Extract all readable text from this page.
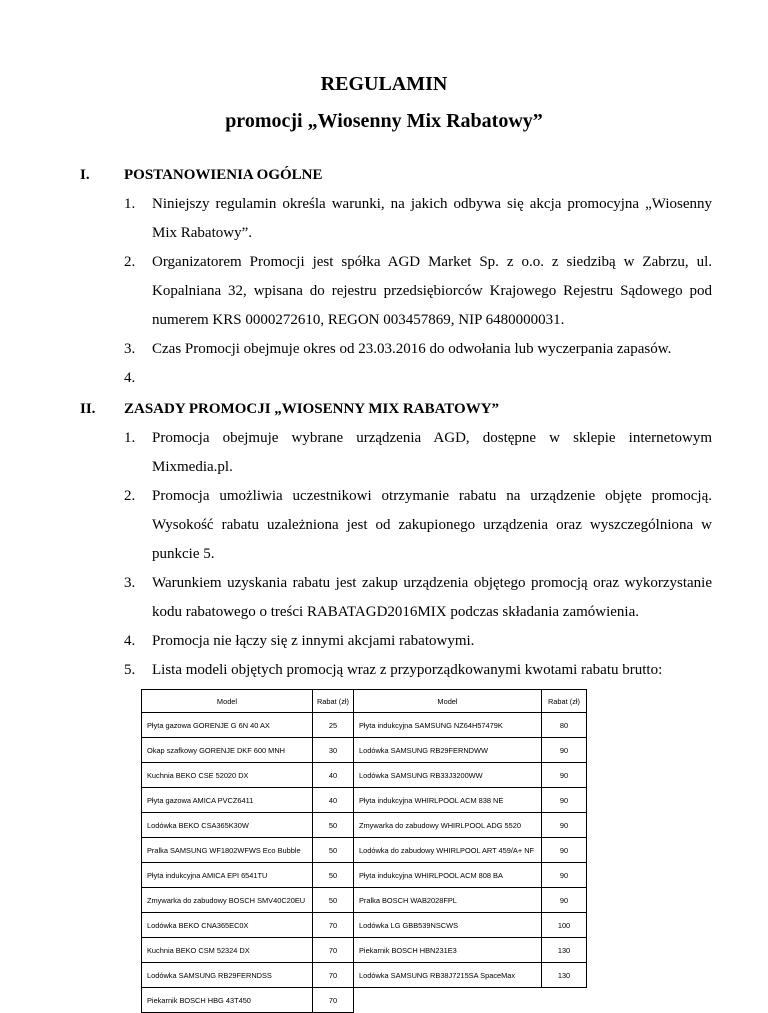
REGULAMIN
promocji „Wiosenny Mix Rabatowy”
I. POSTANOWIENIA OGÓLNE
1. Niniejszy regulamin określa warunki, na jakich odbywa się akcja promocyjna „Wiosenny Mix Rabatowy”.
2. Organizatorem Promocji jest spółka AGD Market Sp. z o.o. z siedzibą w Zabrzu, ul. Kopalniana 32, wpisana do rejestru przedsiębiorców Krajowego Rejestru Sądowego pod numerem KRS 0000272610, REGON 003457869, NIP 6480000031.
3. Czas Promocji obejmuje okres od 23.03.2016 do odwołania lub wyczerpania zapasów.
4.
II. ZASADY PROMOCJI „WIOSENNY MIX RABATOWY”
1. Promocja obejmuje wybrane urządzenia AGD, dostępne w sklepie internetowym Mixmedia.pl.
2. Promocja umożliwia uczestnikowi otrzymanie rabatu na urządzenie objęte promocją. Wysokość rabatu uzależniona jest od zakupionego urządzenia oraz wyszczególniona w punkcie 5.
3. Warunkiem uzyskania rabatu jest zakup urządzenia objętego promocją oraz wykorzystanie kodu rabatowego o treści RABATAGD2016MIX podczas składania zamówienia.
4. Promocja nie łączy się z innymi akcjami rabatowymi.
5. Lista modeli objętych promocją wraz z przyporządkowanymi kwotami rabatu brutto:
Model	Rabat (zł)	Model	Rabat (zł)
Płyta gazowa GORENJE G 6N 40 AX	25	Płyta indukcyjna SAMSUNG NZ64H57479K	80
Okap szafkowy GORENJE DKF 600 MNH	30	Lodówka SAMSUNG RB29FERNDWW	90
Kuchnia BEKO CSE 52020 DX	40	Lodówka SAMSUNG RB33J3200WW	90
Płyta gazowa AMICA PVCZ6411	40	Płyta indukcyjna WHIRLPOOL ACM 838 NE	90
Lodówka BEKO CSA365K30W	50	Zmywarka do zabudowy WHIRLPOOL ADG 5520	90
Pralka SAMSUNG WF1802WFWS Eco Bubble	50	Lodówka do zabudowy WHIRLPOOL ART 459/A+ NF	90
Płyta indukcyjna AMICA EPI 6541TU	50	Płyta indukcyjna WHIRLPOOL ACM 808 BA	90
Zmywarka do zabudowy BOSCH SMV40C20EU	50	Pralka BOSCH WAB2028FPL	90
Lodówka BEKO CNA365EC0X	70	Lodówka LG GBB539NSCWS	100
Kuchnia BEKO CSM 52324 DX	70	Piekarnik BOSCH HBN231E3	130
Lodówka SAMSUNG RB29FERNDSS	70	Lodówka SAMSUNG RB38J7215SA SpaceMax	130
Piekarnik BOSCH HBG 43T450	70		
